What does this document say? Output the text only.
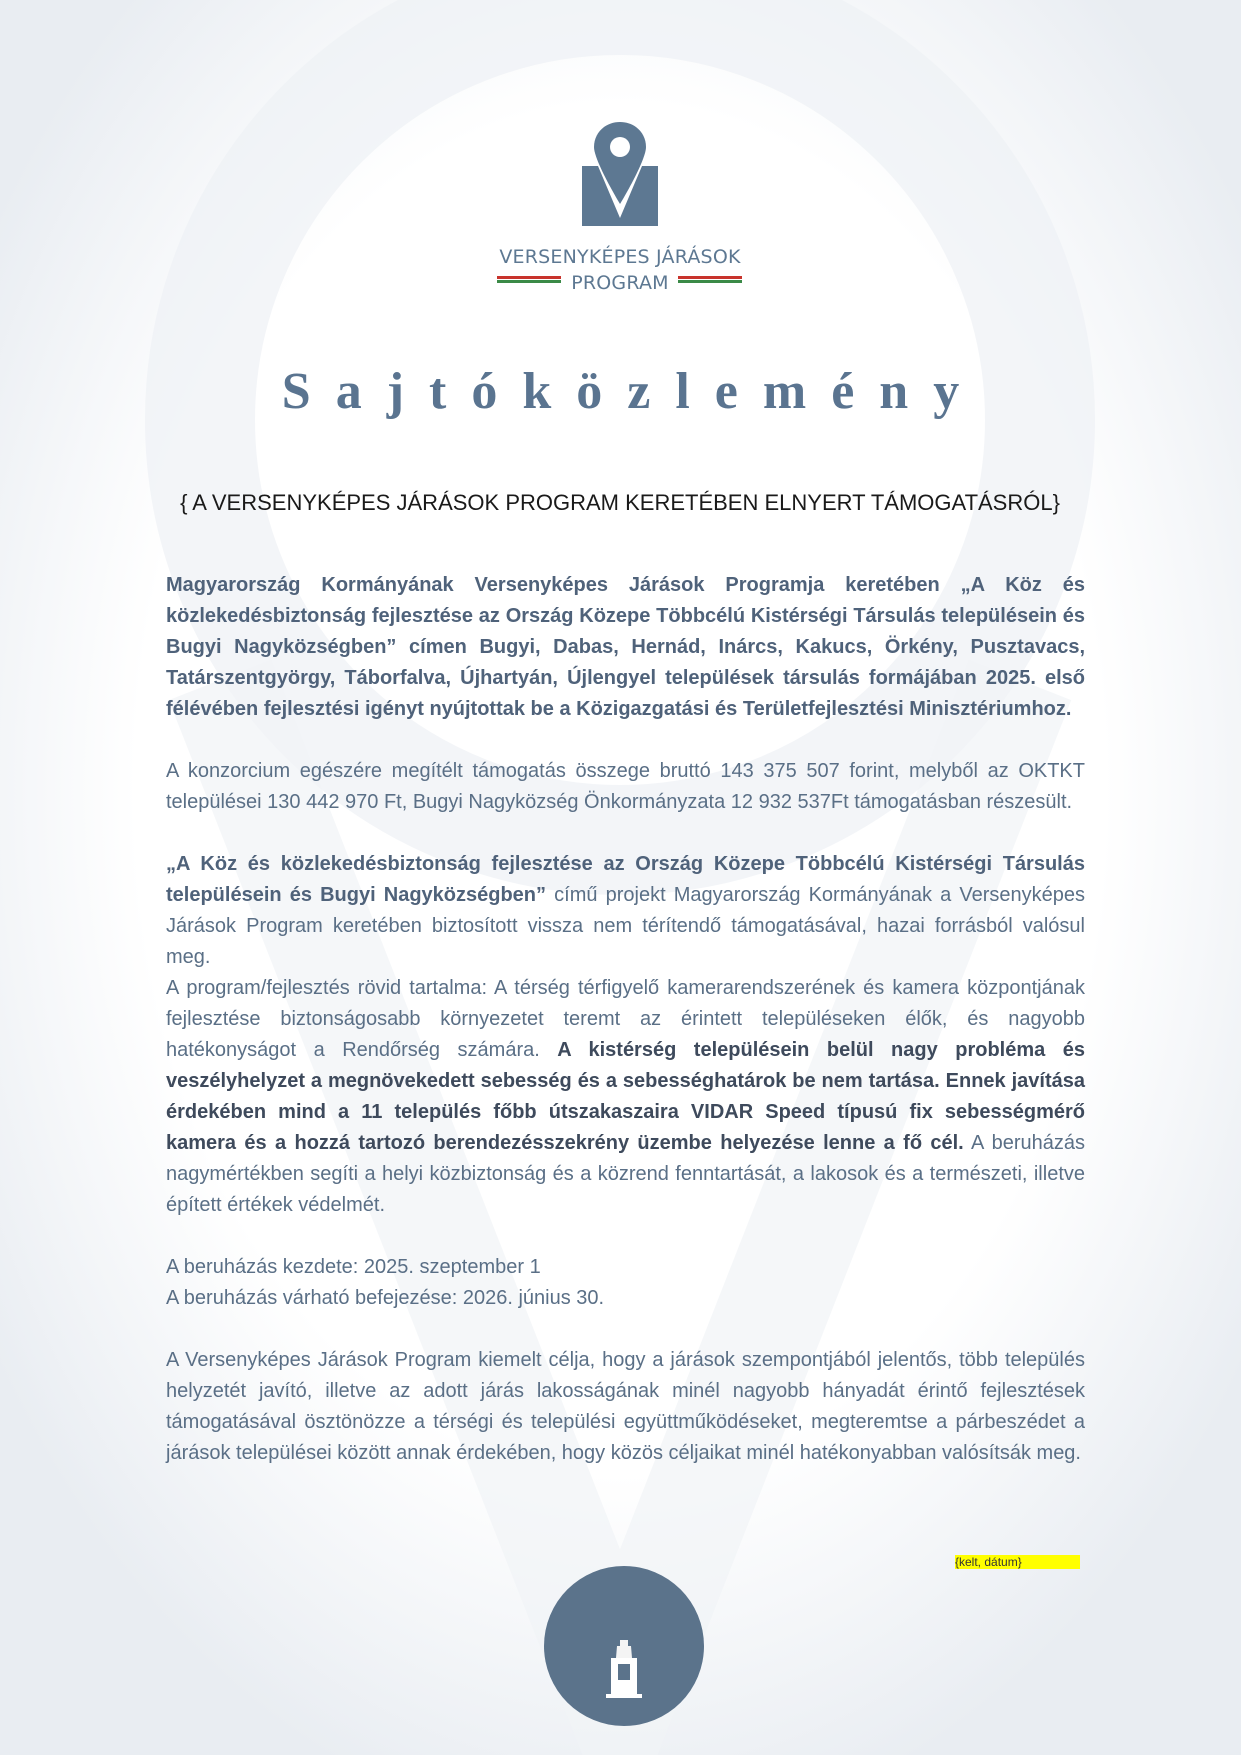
VERSENYKÉPES JÁRÁSOK
PROGRAM
Sajtóközlemény
{ A VERSENYKÉPES JÁRÁSOK PROGRAM KERETÉBEN ELNYERT TÁMOGATÁSRÓL}

Magyarország Kormányának Versenyképes Járások Programja keretében „A Köz és közlekedésbiztonság fejlesztése az Ország Közepe Többcélú Kistérségi Társulás településein és Bugyi Nagyközségben” címen Bugyi, Dabas, Hernád, Inárcs, Kakucs, Örkény, Pusztavacs, Tatárszentgyörgy, Táborfalva, Újhartyán, Újlengyel települések társulás formájában 2025. első félévében fejlesztési igényt nyújtottak be a Közigazgatási és Területfejlesztési Minisztériumhoz.

A konzorcium egészére megítélt támogatás összege bruttó 143 375 507 forint, melyből az OKTKT települései 130 442 970 Ft, Bugyi Nagyközség Önkormányzata 12 932 537Ft támogatásban részesült.

„A Köz és közlekedésbiztonság fejlesztése az Ország Közepe Többcélú Kistérségi Társulás településein és Bugyi Nagyközségben” című projekt Magyarország Kormányának a Versenyképes Járások Program keretében biztosított vissza nem térítendő támogatásával, hazai forrásból valósul meg.

A program/fejlesztés rövid tartalma: A térség térfigyelő kamerarendszerének és kamera központjának fejlesztése biztonságosabb környezetet teremt az érintett településeken élők, és nagyobb hatékonyságot a Rendőrség számára. A kistérség településein belül nagy probléma és veszélyhelyzet a megnövekedett sebesség és a sebességhatárok be nem tartása. Ennek javítása érdekében mind a 11 település főbb útszakaszaira VIDAR Speed típusú fix sebességmérő kamera és a hozzá tartozó berendezésszekrény üzembe helyezése lenne a fő cél. A beruházás nagymértékben segíti a helyi közbiztonság és a közrend fenntartását, a lakosok és a természeti, illetve épített értékek védelmét.

A beruházás kezdete: 2025. szeptember 1

A beruházás várható befejezése: 2026. június 30.

A Versenyképes Járások Program kiemelt célja, hogy a járások szempontjából jelentős, több település helyzetét javító, illetve az adott járás lakosságának minél nagyobb hányadát érintő fejlesztések támogatásával ösztönözze a térségi és települési együttműködéseket, megteremtse a párbeszédet a járások települései között annak érdekében, hogy közös céljaikat minél hatékonyabban valósítsák meg.

{kelt, dátum}
